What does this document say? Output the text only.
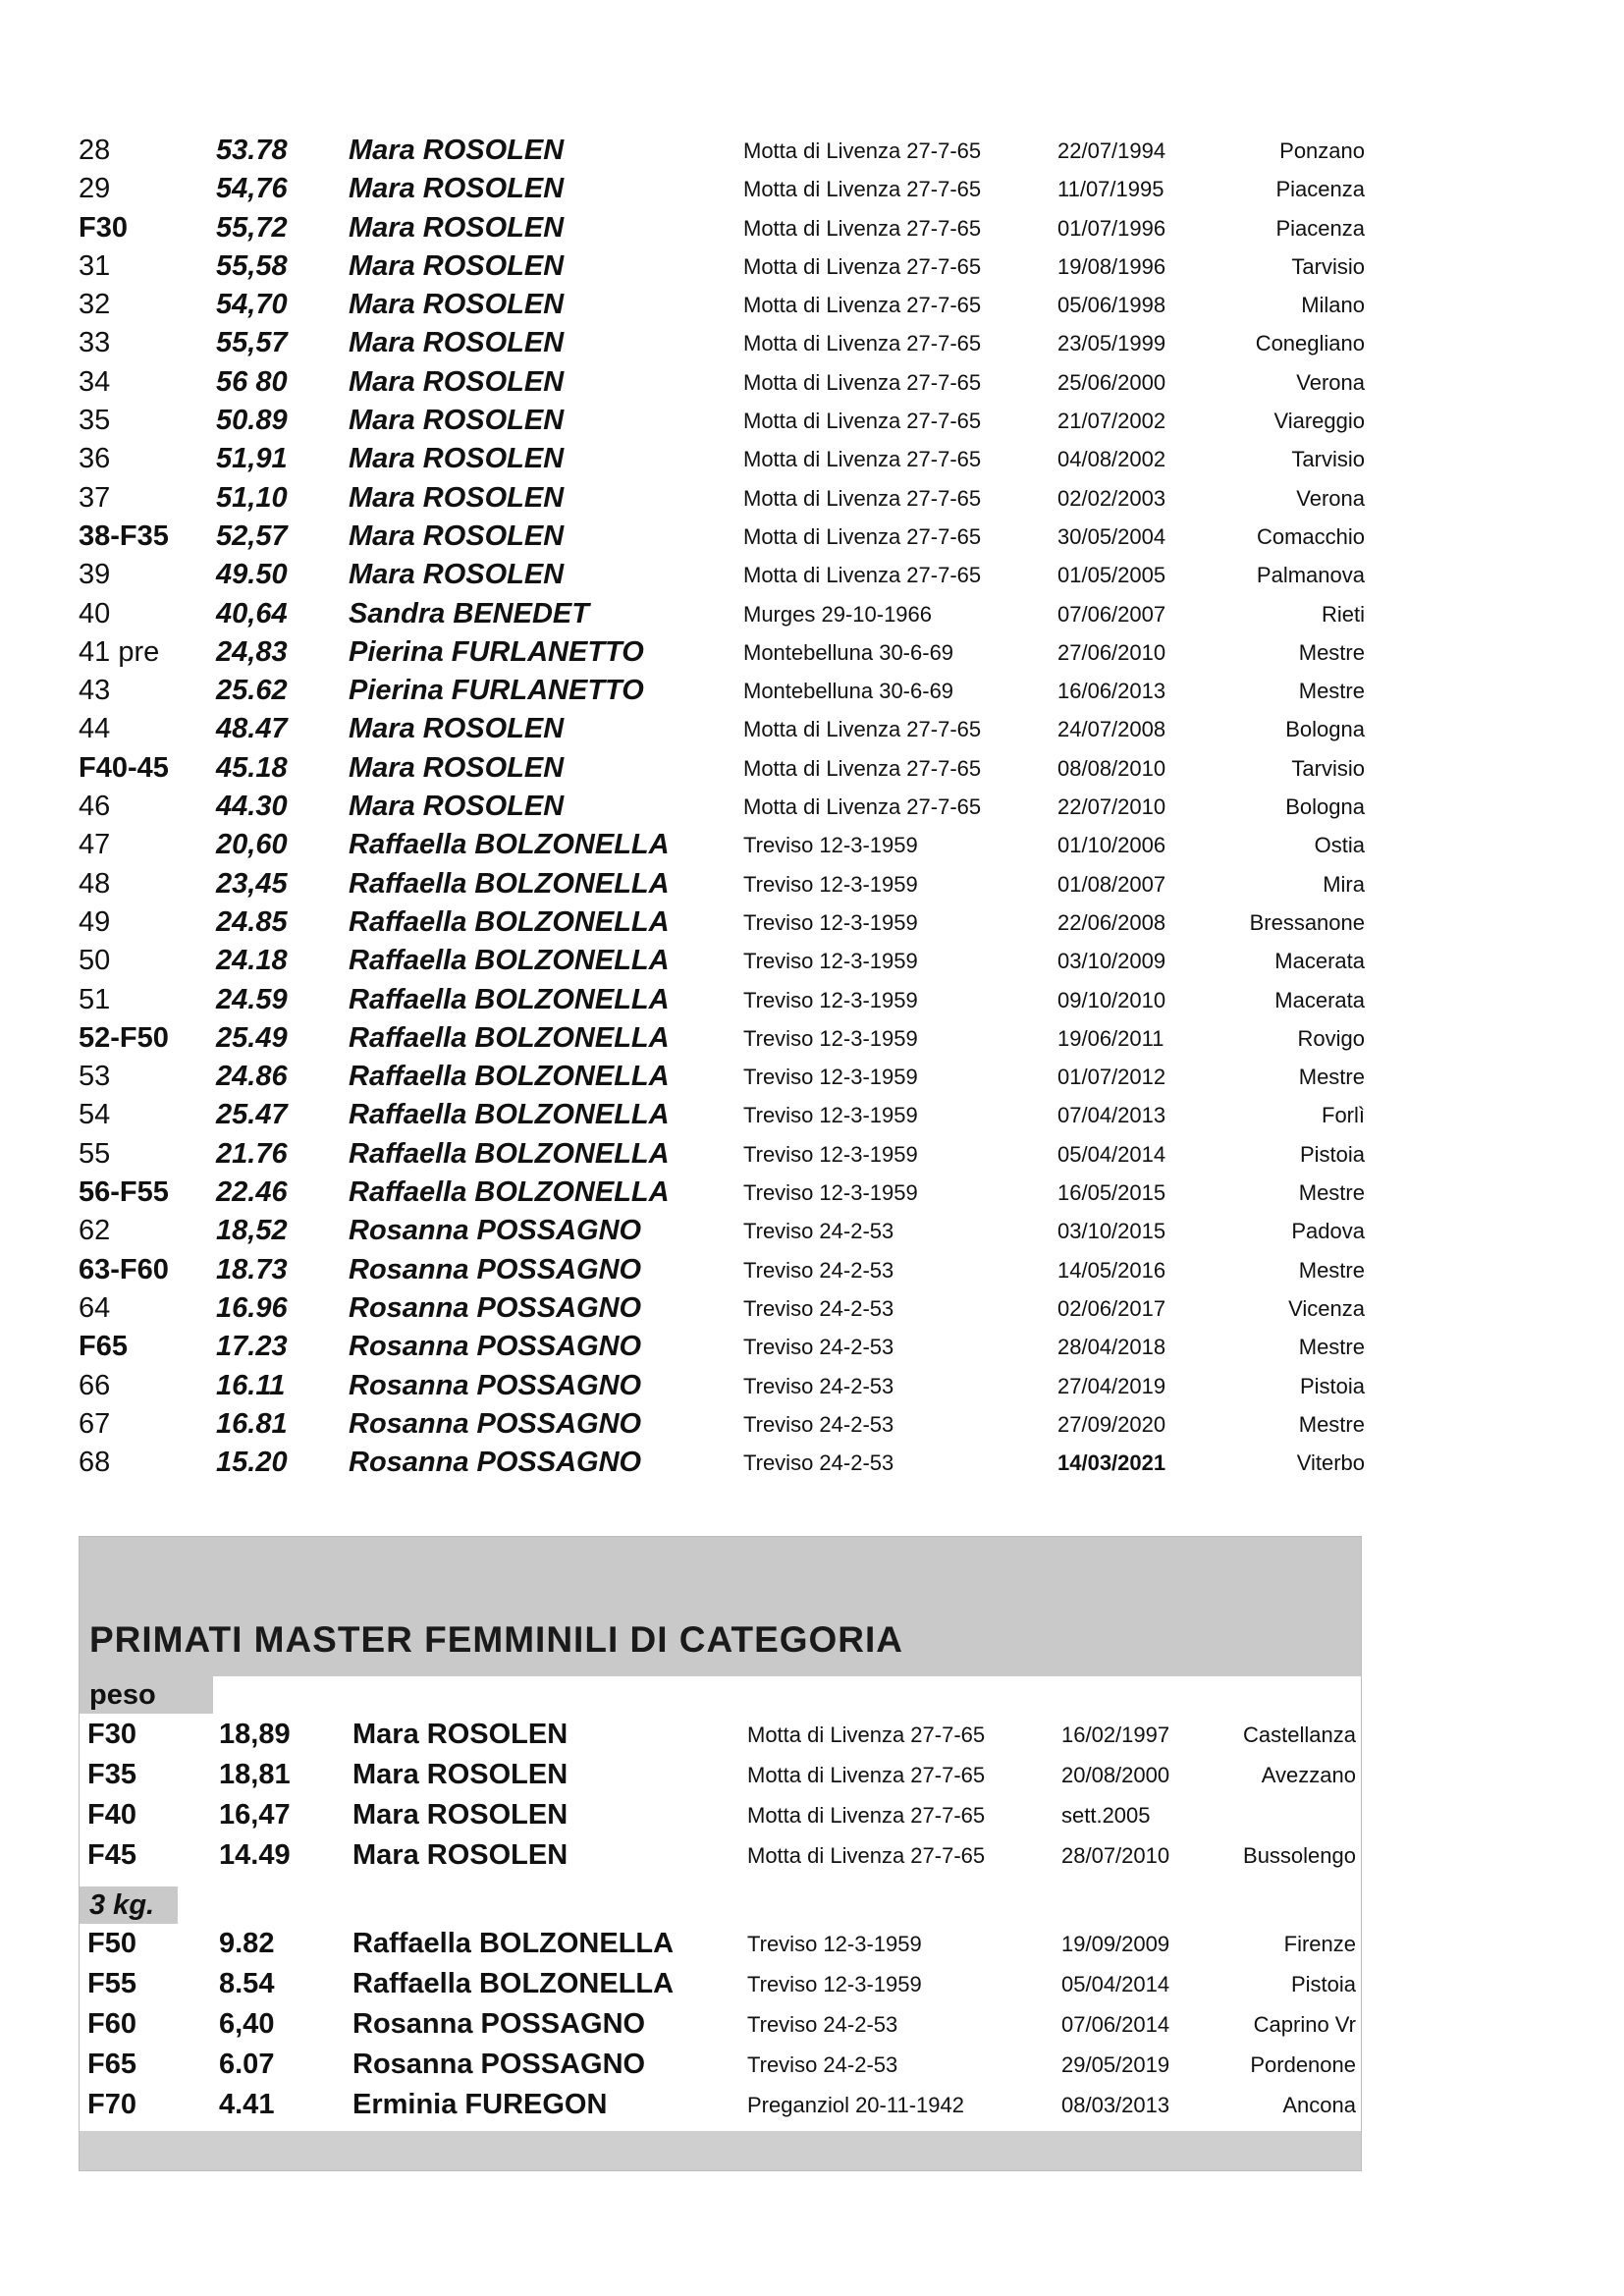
28	53.78 Mara ROSOLEN	Motta di Livenza 27-7-65	22/07/1994	Ponzano
29	54,76 Mara ROSOLEN	Motta di Livenza 27-7-65	11/07/1995	Piacenza
F30	55,72 Mara ROSOLEN	Motta di Livenza 27-7-65	01/07/1996	Piacenza
31	55,58 Mara ROSOLEN	Motta di Livenza 27-7-65	19/08/1996	Tarvisio
32	54,70 Mara ROSOLEN	Motta di Livenza 27-7-65	05/06/1998	Milano
33	55,57 Mara ROSOLEN	Motta di Livenza 27-7-65	23/05/1999	Conegliano
34	56 80 Mara ROSOLEN	Motta di Livenza 27-7-65	25/06/2000	Verona
35	50.89 Mara ROSOLEN	Motta di Livenza 27-7-65	21/07/2002	Viareggio
36	51,91 Mara ROSOLEN	Motta di Livenza 27-7-65	04/08/2002	Tarvisio
37	51,10 Mara ROSOLEN	Motta di Livenza 27-7-65	02/02/2003	Verona
38-F35 52,57 Mara ROSOLEN	Motta di Livenza 27-7-65	30/05/2004	Comacchio
39	49.50 Mara ROSOLEN	Motta di Livenza 27-7-65	01/05/2005	Palmanova
40	40,64 Sandra BENEDET	Murges 29-10-1966	07/06/2007	Rieti
41 pre 24,83 Pierina FURLANETTO	Montebelluna 30-6-69	27/06/2010	Mestre
43	25.62 Pierina FURLANETTO	Montebelluna 30-6-69	16/06/2013	Mestre
44	48.47 Mara ROSOLEN	Motta di Livenza 27-7-65	24/07/2008	Bologna
F40-45 45.18 Mara ROSOLEN	Motta di Livenza 27-7-65	08/08/2010	Tarvisio
46	44.30 Mara ROSOLEN	Motta di Livenza 27-7-65	22/07/2010	Bologna
47	20,60 Raffaella BOLZONELLA	Treviso 12-3-1959	01/10/2006	Ostia
48	23,45 Raffaella BOLZONELLA	Treviso 12-3-1959	01/08/2007	Mira
49	24.85 Raffaella BOLZONELLA	Treviso 12-3-1959	22/06/2008	Bressanone
50	24.18 Raffaella BOLZONELLA	Treviso 12-3-1959	03/10/2009	Macerata
51	24.59 Raffaella BOLZONELLA	Treviso 12-3-1959	09/10/2010	Macerata
52-F50 25.49 Raffaella BOLZONELLA	Treviso 12-3-1959	19/06/2011	Rovigo
53	24.86 Raffaella BOLZONELLA	Treviso 12-3-1959	01/07/2012	Mestre
54	25.47 Raffaella BOLZONELLA	Treviso 12-3-1959	07/04/2013	Forlì
55	21.76 Raffaella BOLZONELLA	Treviso 12-3-1959	05/04/2014	Pistoia
56-F55 22.46 Raffaella BOLZONELLA	Treviso 12-3-1959	16/05/2015	Mestre
62	18,52 Rosanna POSSAGNO	Treviso 24-2-53	03/10/2015	Padova
63-F60 18.73 Rosanna POSSAGNO	Treviso 24-2-53	14/05/2016	Mestre
64	16.96 Rosanna POSSAGNO	Treviso 24-2-53	02/06/2017	Vicenza
F65	17.23 Rosanna POSSAGNO	Treviso 24-2-53	28/04/2018	Mestre
66	16.11 Rosanna POSSAGNO	Treviso 24-2-53	27/04/2019	Pistoia
67	16.81 Rosanna POSSAGNO	Treviso 24-2-53	27/09/2020	Mestre
68	15.20 Rosanna POSSAGNO	Treviso 24-2-53	14/03/2021	Viterbo
PRIMATI MASTER FEMMINILI DI CATEGORIA
peso
F30	18,89 Mara ROSOLEN	Motta di Livenza 27-7-65	16/02/1997	Castellanza
F35	18,81 Mara ROSOLEN	Motta di Livenza 27-7-65	20/08/2000	Avezzano
F40	16,47 Mara ROSOLEN	Motta di Livenza 27-7-65	sett.2005
F45	14.49 Mara ROSOLEN	Motta di Livenza 27-7-65	28/07/2010	Bussolengo
3 kg.
F50	9.82	Raffaella BOLZONELLA	Treviso 12-3-1959	19/09/2009	Firenze
F55	8.54	Raffaella BOLZONELLA	Treviso 12-3-1959	05/04/2014	Pistoia
F60	6,40	Rosanna POSSAGNO	Treviso 24-2-53	07/06/2014	Caprino Vr
F65	6.07	Rosanna POSSAGNO	Treviso 24-2-53	29/05/2019	Pordenone
F70	4.41	Erminia FUREGON	Preganziol 20-11-1942	08/03/2013	Ancona
